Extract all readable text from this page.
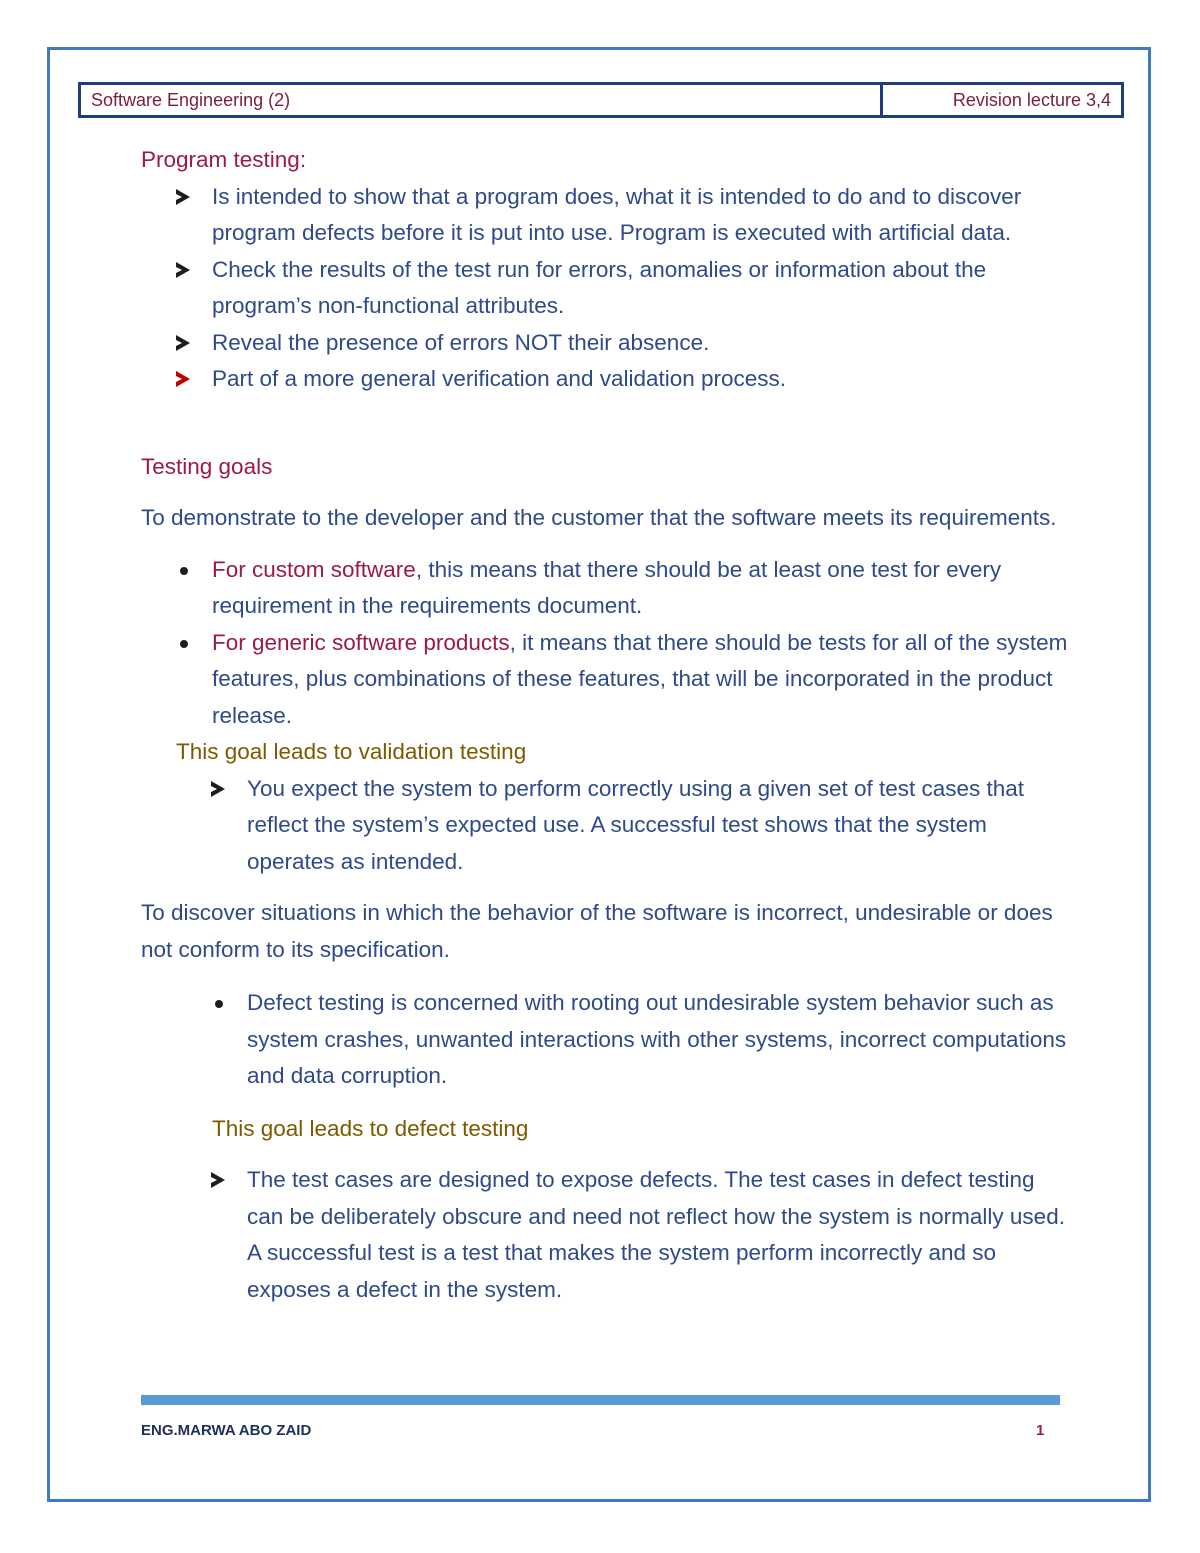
Software Engineering (2)	Revision lecture 3,4

Program testing:

Is intended to show that a program does, what it is intended to do and to discover program defects before it is put into use. Program is executed with artificial data.
Check the results of the test run for errors, anomalies or information about the program’s non-functional attributes.
Reveal the presence of errors NOT their absence.
Part of a more general verification and validation process.

Testing goals

To demonstrate to the developer and the customer that the software meets its requirements.

For custom software, this means that there should be at least one test for every requirement in the requirements document.
For generic software products, it means that there should be tests for all of the system features, plus combinations of these features, that will be incorporated in the product release.

This goal leads to validation testing

You expect the system to perform correctly using a given set of test cases that reflect the system’s expected use. A successful test shows that the system operates as intended.

To discover situations in which the behavior of the software is incorrect, undesirable or does not conform to its specification.

Defect testing is concerned with rooting out undesirable system behavior such as system crashes, unwanted interactions with other systems, incorrect computations and data corruption.

This goal leads to defect testing

The test cases are designed to expose defects. The test cases in defect testing can be deliberately obscure and need not reflect how the system is normally used. A successful test is a test that makes the system perform incorrectly and so exposes a defect in the system.
ENG.MARWA ABO ZAID	1
